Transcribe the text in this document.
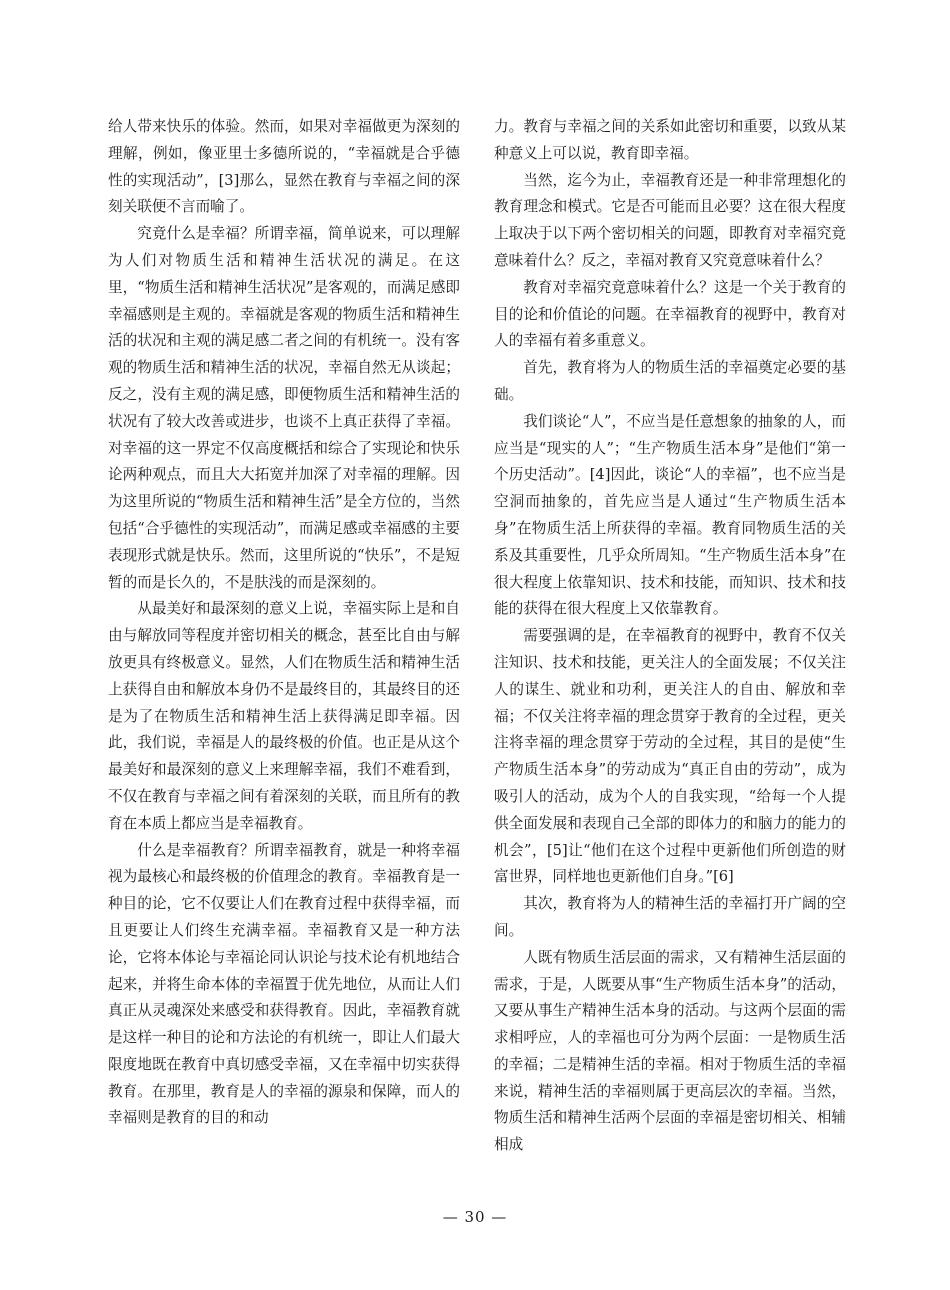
给人带来快乐的体验。然而，如果对幸福做更为深刻的理解，例如，像亚里士多德所说的，“幸福就是合乎德性的实现活动”，[3]那么，显然在教育与幸福之间的深刻关联便不言而喻了。

究竟什么是幸福？所谓幸福，简单说来，可以理解为人们对物质生活和精神生活状况的满足。在这里，“物质生活和精神生活状况”是客观的，而满足感即幸福感则是主观的。幸福就是客观的物质生活和精神生活的状况和主观的满足感二者之间的有机统一。没有客观的物质生活和精神生活的状况，幸福自然无从谈起；反之，没有主观的满足感，即便物质生活和精神生活的状况有了较大改善或进步，也谈不上真正获得了幸福。对幸福的这一界定不仅高度概括和综合了实现论和快乐论两种观点，而且大大拓宽并加深了对幸福的理解。因为这里所说的“物质生活和精神生活”是全方位的，当然包括“合乎德性的实现活动”，而满足感或幸福感的主要表现形式就是快乐。然而，这里所说的“快乐”，不是短暂的而是长久的，不是肤浅的而是深刻的。

从最美好和最深刻的意义上说，幸福实际上是和自由与解放同等程度并密切相关的概念，甚至比自由与解放更具有终极意义。显然，人们在物质生活和精神生活上获得自由和解放本身仍不是最终目的，其最终目的还是为了在物质生活和精神生活上获得满足即幸福。因此，我们说，幸福是人的最终极的价值。也正是从这个最美好和最深刻的意义上来理解幸福，我们不难看到，不仅在教育与幸福之间有着深刻的关联，而且所有的教育在本质上都应当是幸福教育。

什么是幸福教育？所谓幸福教育，就是一种将幸福视为最核心和最终极的价值理念的教育。幸福教育是一种目的论，它不仅要让人们在教育过程中获得幸福，而且更要让人们终生充满幸福。幸福教育又是一种方法论，它将本体论与幸福论同认识论与技术论有机地结合起来，并将生命本体的幸福置于优先地位，从而让人们真正从灵魂深处来感受和获得教育。因此，幸福教育就是这样一种目的论和方法论的有机统一，即让人们最大限度地既在教育中真切感受幸福，又在幸福中切实获得教育。在那里，教育是人的幸福的源泉和保障，而人的幸福则是教育的目的和动

力。教育与幸福之间的关系如此密切和重要，以致从某种意义上可以说，教育即幸福。

当然，迄今为止，幸福教育还是一种非常理想化的教育理念和模式。它是否可能而且必要？这在很大程度上取决于以下两个密切相关的问题，即教育对幸福究竟意味着什么？反之，幸福对教育又究竟意味着什么？

教育对幸福究竟意味着什么？这是一个关于教育的目的论和价值论的问题。在幸福教育的视野中，教育对人的幸福有着多重意义。

首先，教育将为人的物质生活的幸福奠定必要的基础。

我们谈论“人”，不应当是任意想象的抽象的人，而应当是“现实的人”；“生产物质生活本身”是他们“第一个历史活动”。[4]因此，谈论“人的幸福”，也不应当是空洞而抽象的，首先应当是人通过“生产物质生活本身”在物质生活上所获得的幸福。教育同物质生活的关系及其重要性，几乎众所周知。“生产物质生活本身”在很大程度上依靠知识、技术和技能，而知识、技术和技能的获得在很大程度上又依靠教育。

需要强调的是，在幸福教育的视野中，教育不仅关注知识、技术和技能，更关注人的全面发展；不仅关注人的谋生、就业和功利，更关注人的自由、解放和幸福；不仅关注将幸福的理念贯穿于教育的全过程，更关注将幸福的理念贯穿于劳动的全过程，其目的是使“生产物质生活本身”的劳动成为“真正自由的劳动”，成为吸引人的活动，成为个人的自我实现，“给每一个人提供全面发展和表现自己全部的即体力的和脑力的能力的机会”，[5]让“他们在这个过程中更新他们所创造的财富世界，同样地也更新他们自身。”[6]

其次，教育将为人的精神生活的幸福打开广阔的空间。

人既有物质生活层面的需求，又有精神生活层面的需求，于是，人既要从事“生产物质生活本身”的活动，又要从事生产精神生活本身的活动。与这两个层面的需求相呼应，人的幸福也可分为两个层面：一是物质生活的幸福；二是精神生活的幸福。相对于物质生活的幸福来说，精神生活的幸福则属于更高层次的幸福。当然，物质生活和精神生活两个层面的幸福是密切相关、相辅相成

— 30 —
